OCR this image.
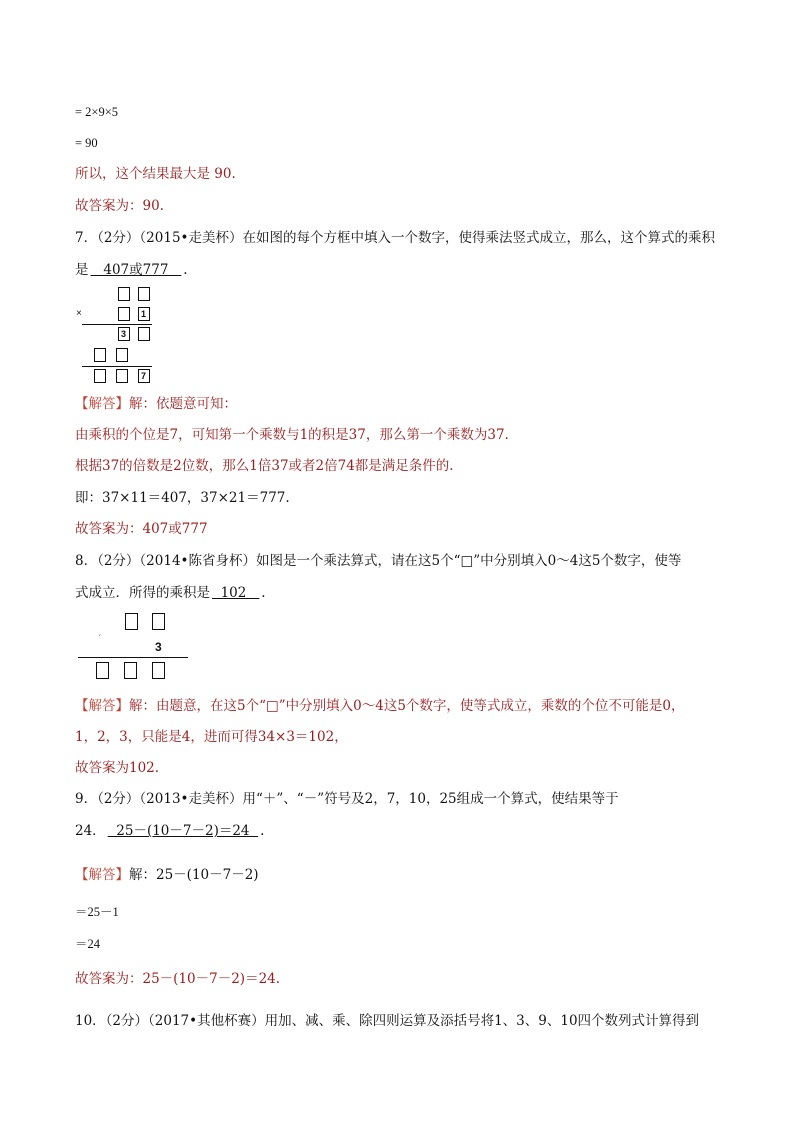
= 2×9×5
= 90
所以，这个结果最大是 90.
故答案为：90.
7．（2分）（2015•走美杯）在如图的每个方框中填入一个数字，使得乘法竖式成立，那么，这个算式的乘积
是   407或777   .
×	1
3
7
【解答】解：依题意可知：
由乘积的个位是7，可知第一个乘数与1的积是37，那么第一个乘数为37.
根据37的倍数是2位数，那么1倍37或者2倍74都是满足条件的.
即：37×11＝407，37×21＝777.
故答案为：407或777
8．（2分）（2014•陈省身杯）如图是一个乘法算式，请在这5个“□”中分别填入0～4这5个数字，使等
式成立．所得的乘积是  102   .
ˊ
3
【解答】解：由题意，在这5个“□”中分别填入0～4这5个数字，使等式成立，乘数的个位不可能是0，
1，2，3，只能是4，进而可得34×3＝102，
故答案为102.
9．（2分）（2013•走美杯）用“＋”、“－”符号及2，7，10，25组成一个算式，使结果等于
24．  25－(10－7－2)＝24  .
【解答】解：25－(10－7－2)
＝25－1
＝24
故答案为：25－(10－7－2)＝24.
10．（2分）（2017•其他杯赛）用加、减、乘、除四则运算及添括号将1、3、9、10四个数列式计算得到
